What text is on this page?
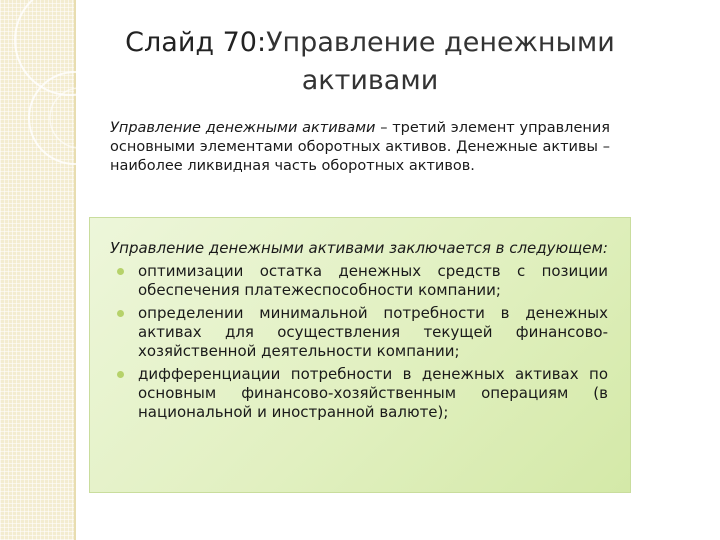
Слайд 70:Управление денежными
активами
Управление денежными активами – третий элемент управления основными элементами оборотных активов. Денежные активы – наиболее ликвидная часть оборотных активов.

Управление денежными активами заключается в следующем:

оптимизации остатка денежных средств с позиции обеспечения платежеспособности компании;
определении минимальной потребности в денежных активах для осуществления текущей финансово-хозяйственной деятельности компании;
дифференциации потребности в денежных активах по основным финансово-хозяйственным операциям (в национальной и иностранной валюте);
